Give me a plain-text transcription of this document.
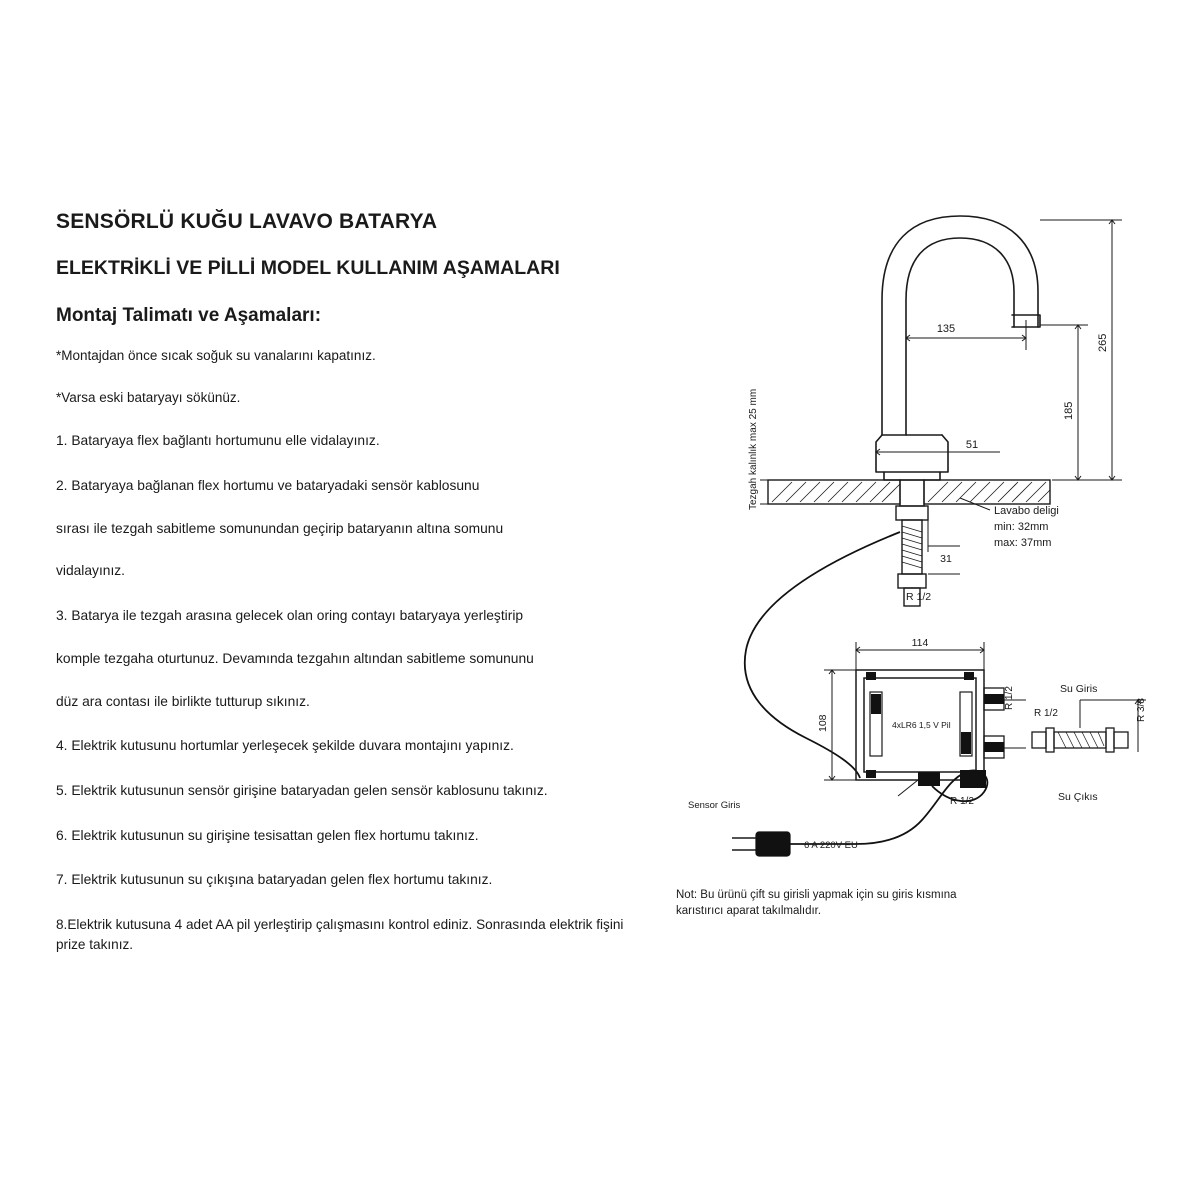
SENSÖRLÜ KUĞU LAVAVO BATARYA
ELEKTRİKLİ VE PİLLİ MODEL KULLANIM AŞAMALARI
Montaj Talimatı ve Aşamaları:

*Montajdan önce sıcak soğuk su vanalarını kapatınız.

*Varsa eski bataryayı sökünüz.

1. Bataryaya flex bağlantı hortumunu elle vidalayınız.

2. Bataryaya bağlanan flex hortumu ve bataryadaki sensör kablosunu
sırası ile tezgah sabitleme somunundan geçirip bataryanın altına somunu
vidalayınız.

3. Batarya ile tezgah arasına gelecek olan oring contayı bataryaya yerleştirip
komple tezgaha oturtunuz. Devamında tezgahın altından sabitleme somununu
düz ara contası ile birlikte tutturup sıkınız.

4. Elektrik kutusunu hortumlar yerleşecek şekilde duvara montajını yapınız.

5. Elektrik kutusunun sensör girişine bataryadan gelen sensör kablosunu takınız.

6. Elektrik kutusunun su girişine tesisattan gelen flex hortumu takınız.

7. Elektrik kutusunun su çıkışına bataryadan gelen flex hortumu takınız.

8.Elektrik kutusuna 4 adet AA pil yerleştirip çalışmasını kontrol ediniz. Sonrasında elektrik fişini prize takınız.

135
265
185
51
31
R 1/2
Tezgah kalınlık max 25 mm
Lavabo deligi
min: 32mm
max: 37mm
114
108	4xLR6 1,5 V Pil
R 1/2
R 1/2
R 1/2	R 3/8
Su Giris
Su Çıkıs
Sensor Giris
6 A 220V EU
Not: Bu ürünü çift su girisli yapmak için su giris kısmına
karıstırıcı aparat takılmalıdır.
